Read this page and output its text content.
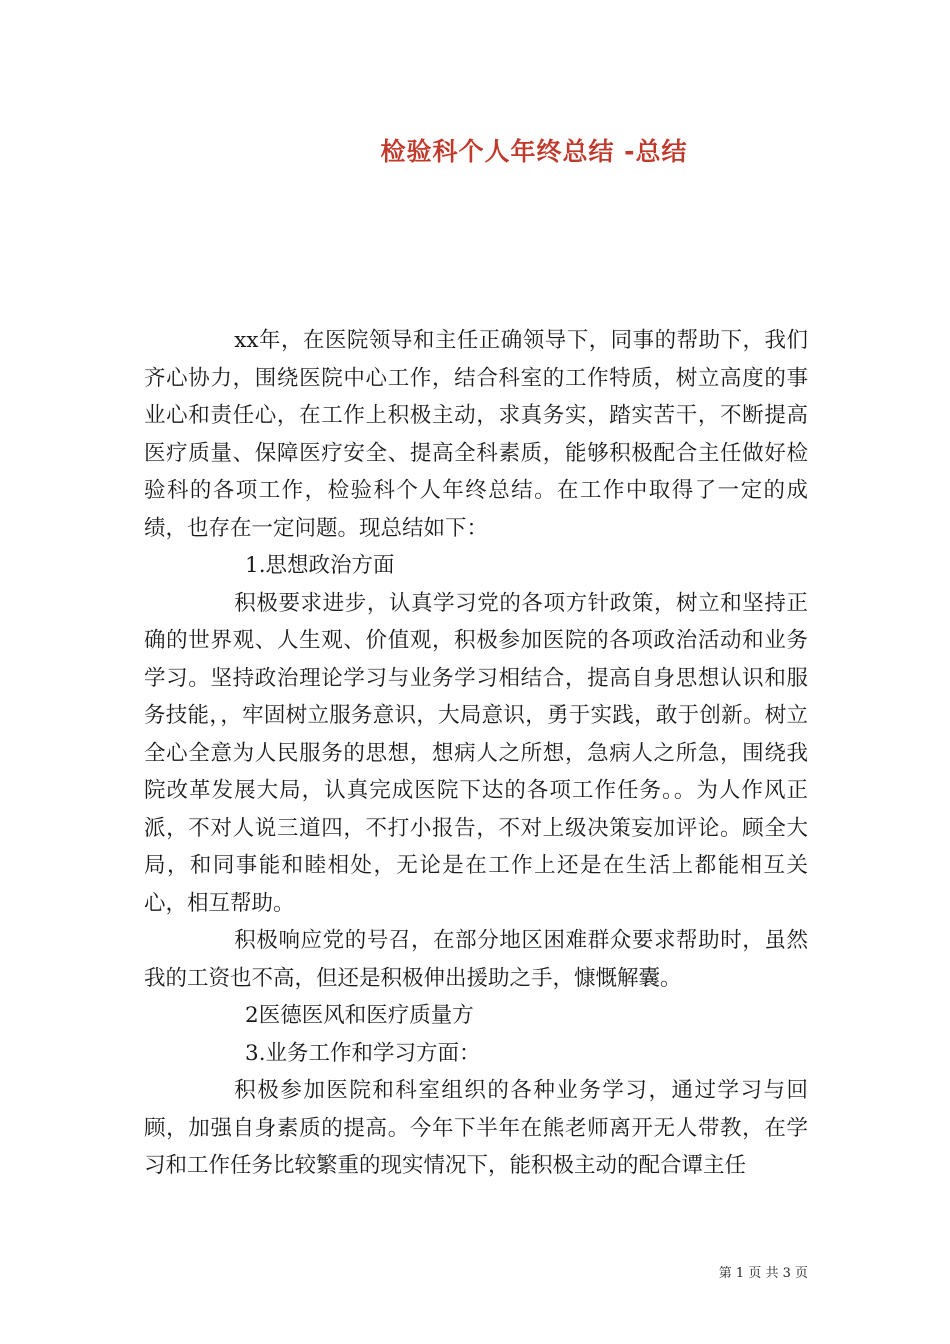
检验科个人年终总结 -总结

xx年，在医院领导和主任正确领导下，同事的帮助下，我们齐心协力，围绕医院中心工作，结合科室的工作特质，树立高度的事业心和责任心，在工作上积极主动，求真务实，踏实苦干，不断提高医疗质量、保障医疗安全、提高全科素质，能够积极配合主任做好检验科的各项工作，检验科个人年终总结。在工作中取得了一定的成绩，也存在一定问题。现总结如下：

1.思想政治方面

积极要求进步，认真学习党的各项方针政策，树立和坚持正确的世界观、人生观、价值观，积极参加医院的各项政治活动和业务学习。坚持政治理论学习与业务学习相结合，提高自身思想认识和服务技能，，牢固树立服务意识，大局意识，勇于实践，敢于创新。树立全心全意为人民服务的思想，想病人之所想，急病人之所急，围绕我院改革发展大局，认真完成医院下达的各项工作任务。。为人作风正派，不对人说三道四，不打小报告，不对上级决策妄加评论。顾全大局，和同事能和睦相处，无论是在工作上还是在生活上都能相互关心，相互帮助。

积极响应党的号召，在部分地区困难群众要求帮助时，虽然我的工资也不高，但还是积极伸出援助之手，慷慨解囊。

2医德医风和医疗质量方

3.业务工作和学习方面：

积极参加医院和科室组织的各种业务学习，通过学习与回顾，加强自身素质的提高。今年下半年在熊老师离开无人带教，在学习和工作任务比较繁重的现实情况下，能积极主动的配合谭主任

第 1 页 共 3 页
